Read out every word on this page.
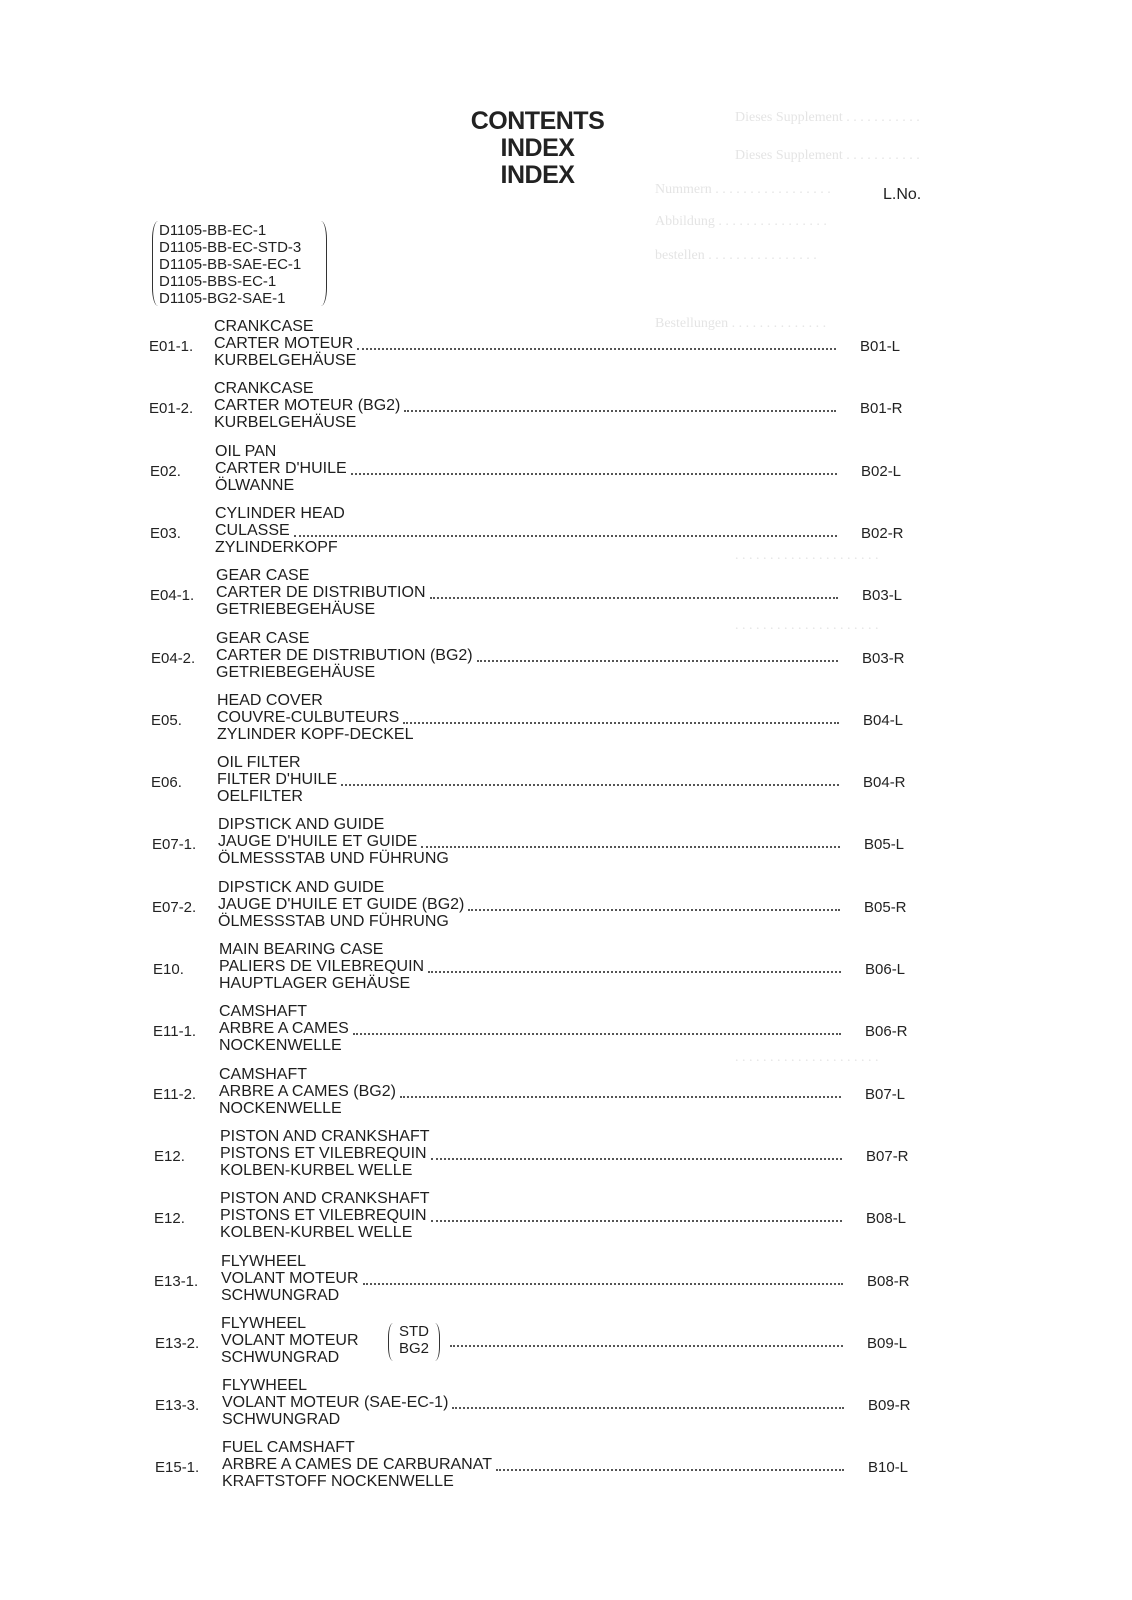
Dieses Supplement . . . . . . . . . . .
Dieses Supplement . . . . . . . . . . .
Nummern . . . . . . . . . . . . . . . . .
Abbildung . . . . . . . . . . . . . . . .
bestellen . . . . . . . . . . . . . . . .
Bestellungen . . . . . . . . . . . . . .
. . . . . . . . . . . . . . . . . . . . .
. . . . . . . . . . . . . . . . . . . . .
. . . . . . . . . . . . . . . . . . . . .
CONTENTS
INDEX
INDEX
L.No.
D1105-BB-EC-1
D1105-BB-EC-STD-3
D1105-BB-SAE-EC-1
D1105-BBS-EC-1
D1105-BG2-SAE-1
E01-1.
CRANKCASE
CARTER MOTEUR
KURBELGEHÄUSE
B01-L
E01-2.
CRANKCASE
CARTER MOTEUR (BG2)
KURBELGEHÄUSE
B01-R
E02.
OIL PAN
CARTER D'HUILE
ÖLWANNE
B02-L
E03.
CYLINDER HEAD
CULASSE
ZYLINDERKOPF
B02-R
E04-1.
GEAR CASE
CARTER DE DISTRIBUTION
GETRIEBEGEHÄUSE
B03-L
E04-2.
GEAR CASE
CARTER DE DISTRIBUTION (BG2)
GETRIEBEGEHÄUSE
B03-R
E05.
HEAD COVER
COUVRE-CULBUTEURS
ZYLINDER KOPF-DECKEL
B04-L
E06.
OIL FILTER
FILTER D'HUILE
OELFILTER
B04-R
E07-1.
DIPSTICK AND GUIDE
JAUGE D'HUILE ET GUIDE
ÖLMESSSTAB UND FÜHRUNG
B05-L
E07-2.
DIPSTICK AND GUIDE
JAUGE D'HUILE ET GUIDE (BG2)
ÖLMESSSTAB UND FÜHRUNG
B05-R
E10.
MAIN BEARING CASE
PALIERS DE VILEBREQUIN
HAUPTLAGER GEHÄUSE
B06-L
E11-1.
CAMSHAFT
ARBRE A CAMES
NOCKENWELLE
B06-R
E11-2.
CAMSHAFT
ARBRE A CAMES (BG2)
NOCKENWELLE
B07-L
E12.
PISTON AND CRANKSHAFT
PISTONS ET VILEBREQUIN
KOLBEN-KURBEL WELLE
B07-R
E12.
PISTON AND CRANKSHAFT
PISTONS ET VILEBREQUIN
KOLBEN-KURBEL WELLE
B08-L
E13-1.
FLYWHEEL
VOLANT MOTEUR
SCHWUNGRAD
B08-R
E13-2.
FLYWHEEL
VOLANT MOTEUR
SCHWUNGRAD
STD
BG2	B09-L
E13-3.
FLYWHEEL
VOLANT MOTEUR (SAE-EC-1)
SCHWUNGRAD
B09-R
E15-1.
FUEL CAMSHAFT
ARBRE A CAMES DE CARBURANAT
KRAFTSTOFF NOCKENWELLE
B10-L
